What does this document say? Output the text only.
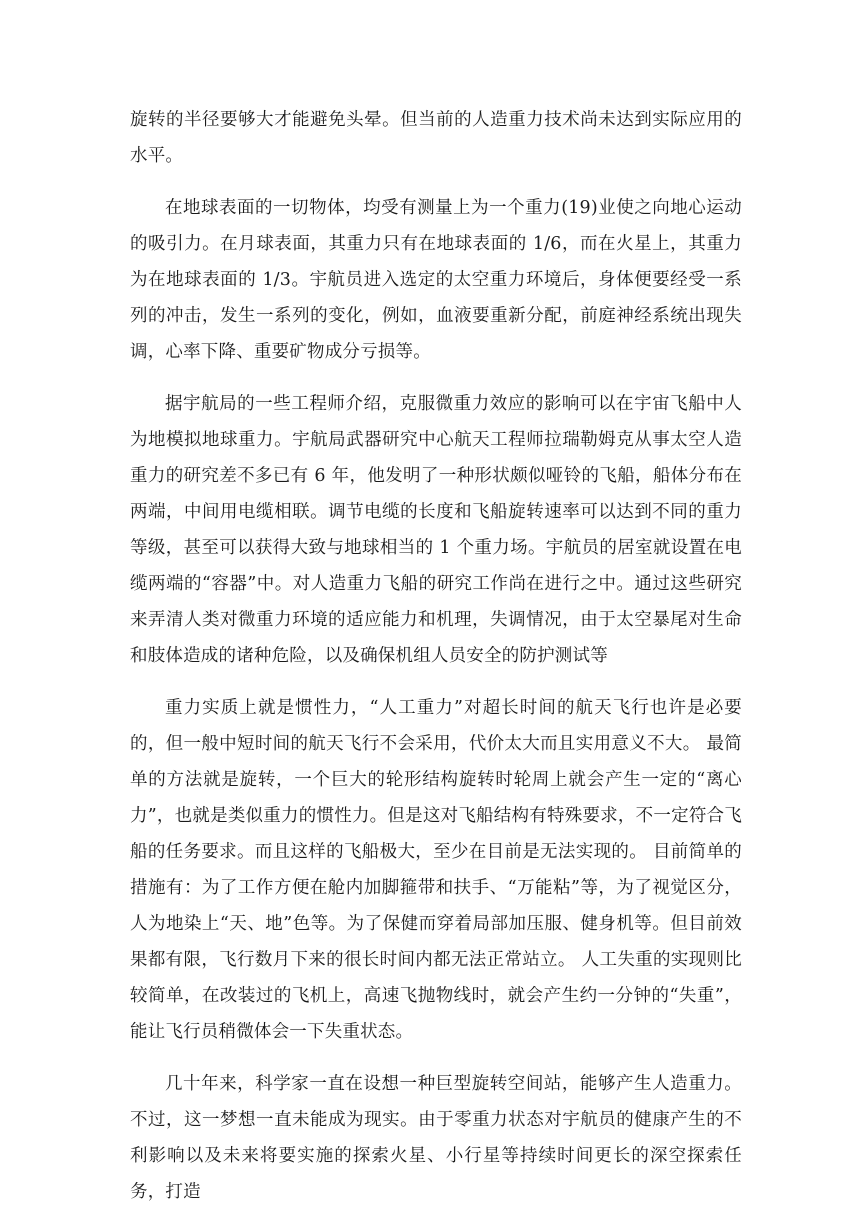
旋转的半径要够大才能避免头晕。但当前的人造重力技术尚未达到实际应用的水平。

在地球表面的一切物体，均受有测量上为一个重力(19)业使之向地心运动的吸引力。在月球表面，其重力只有在地球表面的 1/6，而在火星上，其重力为在地球表面的 1/3。宇航员进入选定的太空重力环境后，身体便要经受一系列的冲击，发生一系列的变化，例如，血液要重新分配，前庭神经系统出现失调，心率下降、重要矿物成分亏损等。

据宇航局的一些工程师介绍，克服微重力效应的影响可以在宇宙飞船中人为地模拟地球重力。宇航局武器研究中心航天工程师拉瑞勒姆克从事太空人造重力的研究差不多已有 6 年，他发明了一种形状颇似哑铃的飞船，船体分布在两端，中间用电缆相联。调节电缆的长度和飞船旋转速率可以达到不同的重力等级，甚至可以获得大致与地球相当的 1 个重力场。宇航员的居室就设置在电缆两端的“容器”中。对人造重力飞船的研究工作尚在进行之中。通过这些研究来弄清人类对微重力环境的适应能力和机理，失调情况，由于太空暴尾对生命和肢体造成的诸种危险，以及确保机组人员安全的防护测试等

重力实质上就是惯性力，“人工重力”对超长时间的航天飞行也许是必要的，但一般中短时间的航天飞行不会采用，代价太大而且实用意义不大。 最简单的方法就是旋转，一个巨大的轮形结构旋转时轮周上就会产生一定的“离心力”，也就是类似重力的惯性力。但是这对飞船结构有特殊要求，不一定符合飞船的任务要求。而且这样的飞船极大，至少在目前是无法实现的。 目前简单的措施有：为了工作方便在舱内加脚箍带和扶手、“万能粘”等，为了视觉区分，人为地染上“天、地”色等。为了保健而穿着局部加压服、健身机等。但目前效果都有限，飞行数月下来的很长时间内都无法正常站立。 人工失重的实现则比较简单，在改装过的飞机上，高速飞抛物线时，就会产生约一分钟的“失重”，能让飞行员稍微体会一下失重状态。

几十年来，科学家一直在设想一种巨型旋转空间站，能够产生人造重力。不过，这一梦想一直未能成为现实。由于零重力状态对宇航员的健康产生的不利影响以及未来将要实施的探索火星、小行星等持续时间更长的深空探索任务，打造
